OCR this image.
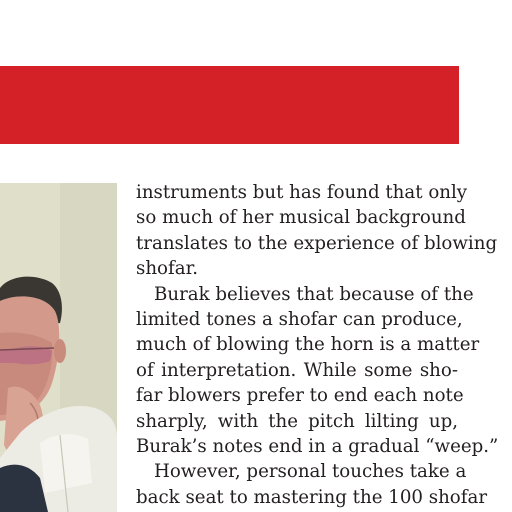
instruments but has found that only
so much of her musical background
translates to the experience of blowing
shofar.
Burak believes that because of the
limited tones a shofar can produce,
much of blowing the horn is a matter
of interpretation. While some sho-
far blowers prefer to end each note
sharply, with the pitch lilting up,
Burak’s notes end in a gradual “weep.”
However, personal touches take a
back seat to mastering the 100 shofar
